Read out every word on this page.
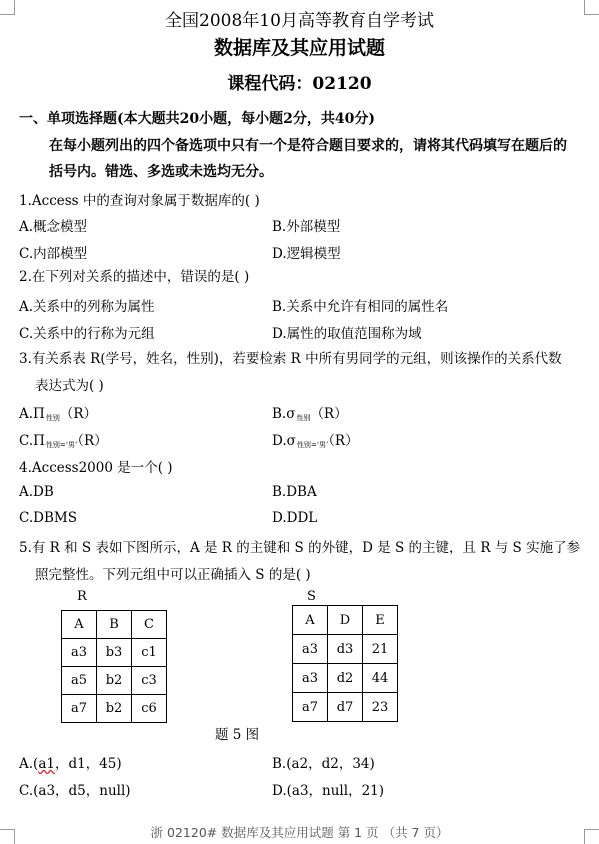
全国2008年10月高等教育自学考试
数据库及其应用试题
课程代码：02120
一、单项选择题(本大题共20小题，每小题2分，共40分)
在每小题列出的四个备选项中只有一个是符合题目要求的，请将其代码填写在题后的
括号内。错选、多选或未选均无分。
1.Access 中的查询对象属于数据库的( )
A.概念模型	B.外部模型
C.内部模型	D.逻辑模型
2.在下列对关系的描述中，错误的是( )
A.关系中的列称为属性	B.关系中允许有相同的属性名
C.关系中的行称为元组	D.属性的取值范围称为域
3.有关系表 R(学号，姓名，性别)，若要检索 R 中所有男同学的元组，则该操作的关系代数
表达式为( )
$A.\Pi_{性别}(R)$	$B.\sigma_{性别}(R)$
$C.\Pi_{性别=‘男’}(R)$	$D.\sigma_{性别=‘男’}(R)$
4.Access2000 是一个( )
A.DB	B.DBA
C.DBMS	D.DDL
5.有 R 和 S 表如下图所示，A 是 R 的主键和 S 的外键，D 是 S 的主键，且 R 与 S 实施了参
照完整性。下列元组中可以正确插入 S 的是( )
R
A	B	C
a3	b3	c1
a5	b2	c3
a7	b2	c6
S
A	D	E
a3	d3	21
a3	d2	44
a7	d7	23
题 5 图
A.(a1，d1，45)	B.(a2，d2，34)
C.(a3，d5，null)	D.(a3，null，21)
浙 02120# 数据库及其应用试题 第 1 页 （共 7 页）
